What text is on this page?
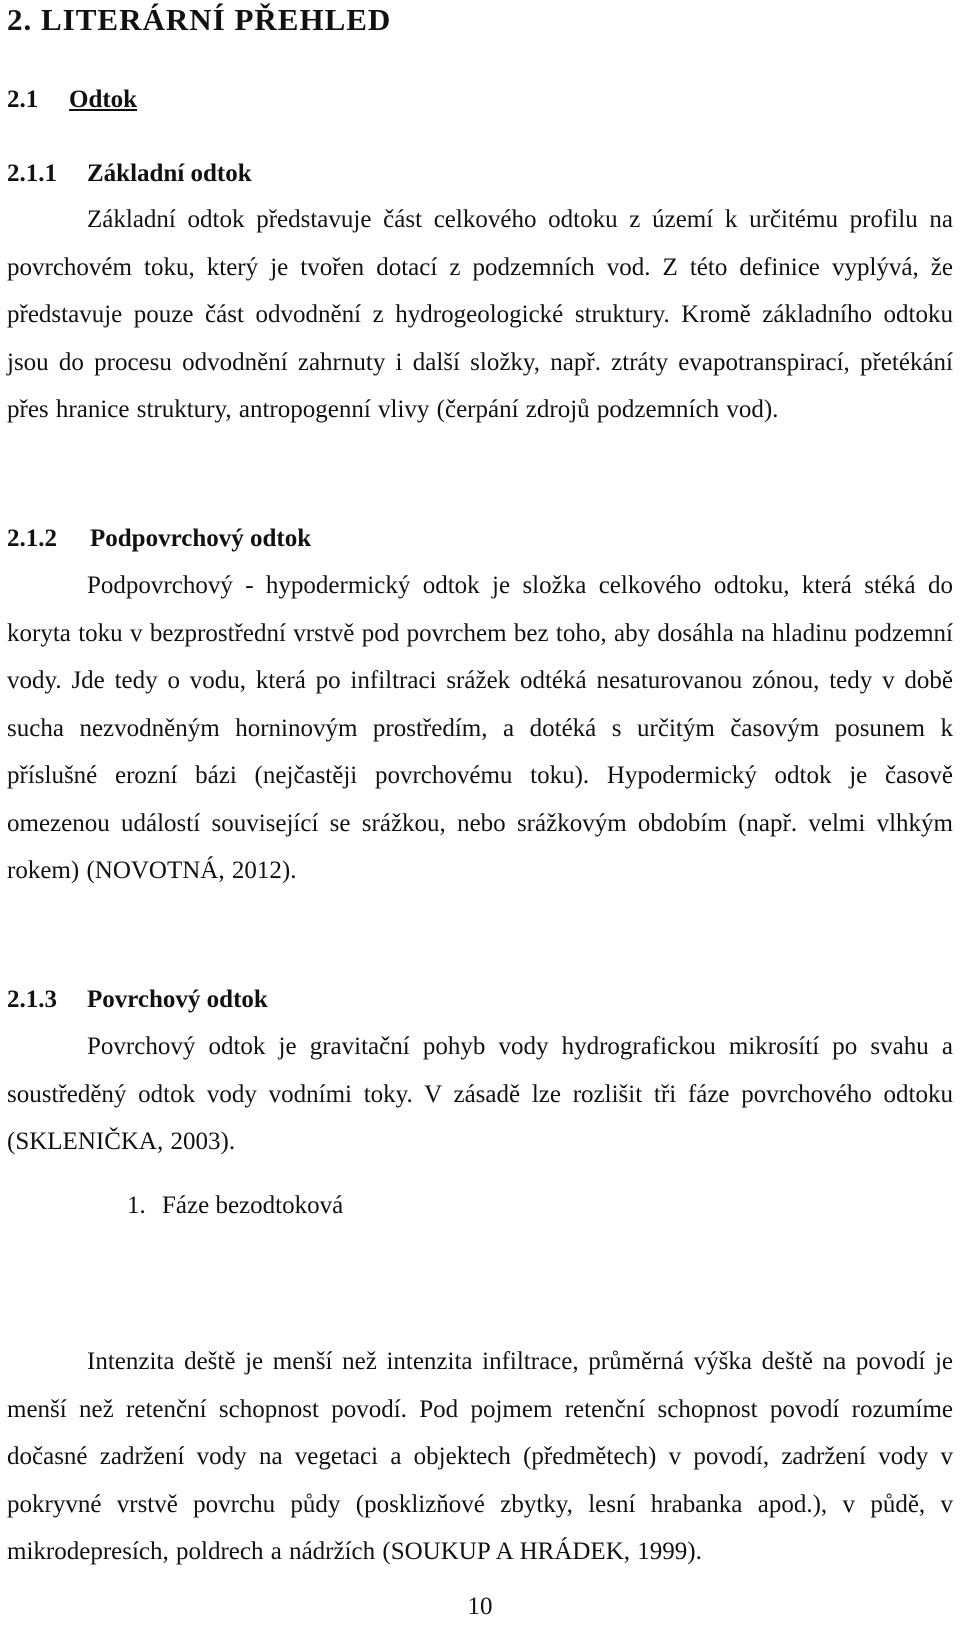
2. LITERÁRNÍ PŘEHLED
2.1 Odtok
2.1.1 Základní odtok

Základní odtok představuje část celkového odtoku z území k určitému profilu na povrchovém toku, který je tvořen dotací z podzemních vod. Z této definice vyplývá, že představuje pouze část odvodnění z hydrogeologické struktury. Kromě základního odtoku jsou do procesu odvodnění zahrnuty i další složky, např. ztráty evapotranspirací, přetékání přes hranice struktury, antropogenní vlivy (čerpání zdrojů podzemních vod).

2.1.2 Podpovrchový odtok

Podpovrchový - hypodermický odtok je složka celkového odtoku, která stéká do koryta toku v bezprostřední vrstvě pod povrchem bez toho, aby dosáhla na hladinu podzemní vody. Jde tedy o vodu, která po infiltraci srážek odtéká nesaturovanou zónou, tedy v době sucha nezvodněným horninovým prostředím, a dotéká s určitým časovým posunem k příslušné erozní bázi (nejčastěji povrchovému toku). Hypodermický odtok je časově omezenou událostí související se srážkou, nebo srážkovým obdobím (např. velmi vlhkým rokem) (NOVOTNÁ, 2012).

2.1.3 Povrchový odtok

Povrchový odtok je gravitační pohyb vody hydrografickou mikrosítí po svahu a soustředěný odtok vody vodními toky. V zásadě lze rozlišit tři fáze povrchového odtoku (SKLENIČKA, 2003).

1. Fáze bezodtoková

Intenzita deště je menší než intenzita infiltrace, průměrná výška deště na povodí je menší než retenční schopnost povodí. Pod pojmem retenční schopnost povodí rozumíme dočasné zadržení vody na vegetaci a objektech (předmětech) v povodí, zadržení vody v pokryvné vrstvě povrchu půdy (posklizňové zbytky, lesní hrabanka apod.), v půdě, v mikrodepresích, poldrech a nádržích (SOUKUP A HRÁDEK, 1999).

10
